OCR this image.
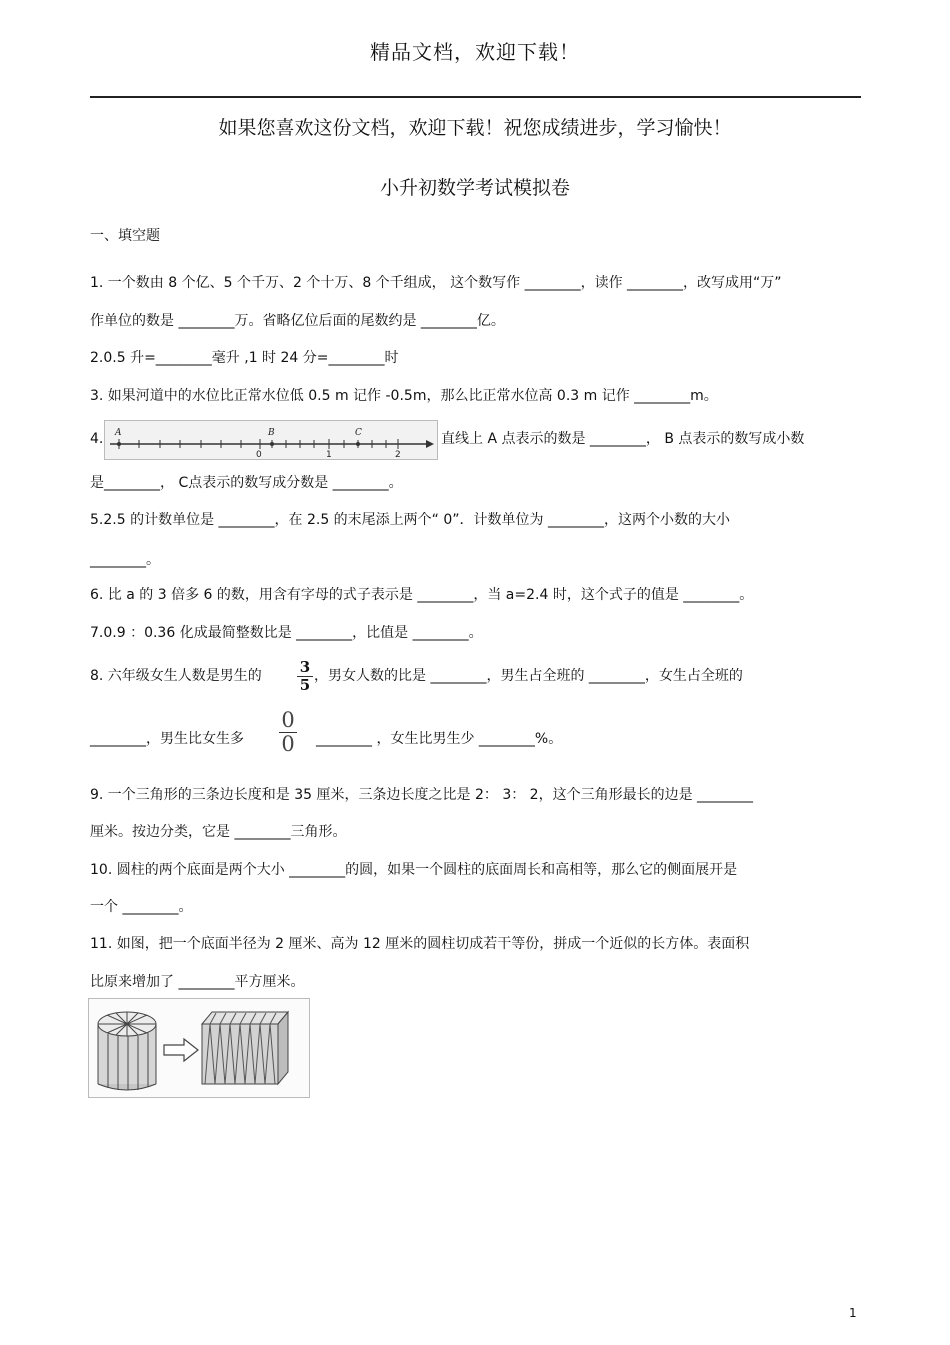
精品文档，欢迎下载！
如果您喜欢这份文档，欢迎下载！祝您成绩进步，学习愉快！
小升初数学考试模拟卷
一、填空题
1. 一个数由 8 个亿、5 个千万、2 个十万、8 个千组成， 这个数写作 ________，读作 ________，改写成用“万”
作单位的数是 ________万。省略亿位后面的尾数约是 ________亿。
2.0.5 升=________毫升 ,1 时 24 分=________时
3. 如果河道中的水位比正常水位低 0.5 m 记作 -0.5m，那么比正常水位高 0.3 m 记作 ________m。
4. A	B	C
0	1	2
直线上 A 点表示的数是 ________， B 点表示的数写成小数
是________， C点表示的数写成分数是 ________。
5.2.5 的计数单位是 ________，在 2.5 的末尾添上两个“ 0”．计数单位为 ________，这两个小数的大小
________。
6. 比 a 的 3 倍多 6 的数，用含有字母的式子表示是 ________，当 a=2.4 时，这个式子的值是 ________。
7.0.9 ：0.36 化成最简整数比是 ________，比值是 ________。
8. 六年级女生人数是男生的	3
5 ，男女人数的比是 ________，男生占全班的 ________，女生占全班的
________，男生比女生多
0
0 ________ ，女生比男生少 ________%。
9. 一个三角形的三条边长度和是 35 厘米，三条边长度之比是 2： 3： 2，这个三角形最长的边是 ________
厘米。按边分类，它是 ________三角形。
10. 圆柱的两个底面是两个大小 ________的圆，如果一个圆柱的底面周长和高相等，那么它的侧面展开是
一个 ________。
11. 如图，把一个底面半径为 2 厘米、高为 12 厘米的圆柱切成若干等份，拼成一个近似的长方体。表面积
比原来增加了 ________平方厘米。
1
